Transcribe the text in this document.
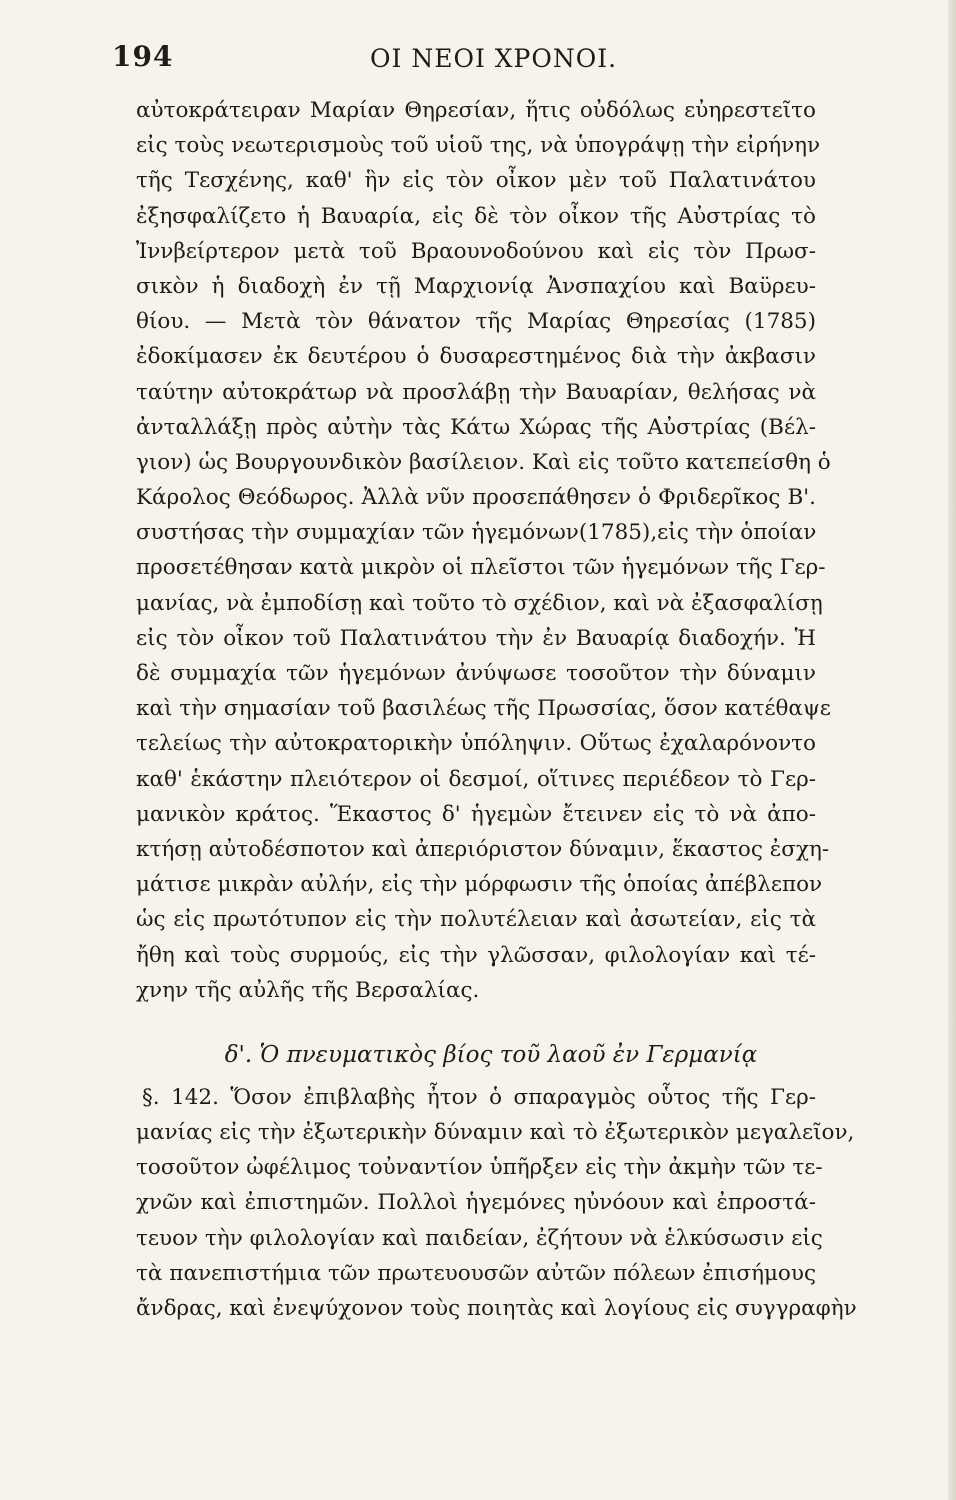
194	ΟΙ ΝΕΟΙ ΧΡΟΝΟΙ.
αὐτοκράτειραν Μαρίαν Θηρεσίαν, ἥτις οὐδόλως εὐηρεστεῖτο
εἰς τοὺς νεωτερισμοὺς τοῦ υἱοῦ της, νὰ ὑπογράψῃ τὴν εἰρήνην
τῆς Τεσχένης, καθ' ἣν εἰς τὸν οἶκον μὲν τοῦ Παλατινάτου
ἐξησφαλίζετο ἡ Βαυαρία, εἰς δὲ τὸν οἶκον τῆς Αὐστρίας τὸ
Ἰννβείρτερον μετὰ τοῦ Βραουνοδούνου καὶ εἰς τὸν Πρωσ-
σικὸν ἡ διαδοχὴ ἐν τῇ Μαρχιονίᾳ Ἀνσπαχίου καὶ Βαϋρευ-
θίου. — Μετὰ τὸν θάνατον τῆς Μαρίας Θηρεσίας (1785)
ἐδοκίμασεν ἐκ δευτέρου ὁ δυσαρεστημένος διὰ τὴν ἀκβασιν
ταύτην αὐτοκράτωρ νὰ προσλάβῃ τὴν Βαυαρίαν, θελήσας νὰ
ἀνταλλάξῃ πρὸς αὐτὴν τὰς Κάτω Χώρας τῆς Αὐστρίας (Βέλ-
γιον) ὡς Βουργουνδικὸν βασίλειον. Καὶ εἰς τοῦτο κατεπείσθη ὁ
Κάρολος Θεόδωρος. Ἀλλὰ νῦν προσεπάθησεν ὁ Φριδερῖκος Β'.
συστήσας τὴν συμμαχίαν τῶν ἡγεμόνων(1785),εἰς τὴν ὁποίαν
προσετέθησαν κατὰ μικρὸν οἱ πλεῖστοι τῶν ἡγεμόνων τῆς Γερ-
μανίας, νὰ ἐμποδίσῃ καὶ τοῦτο τὸ σχέδιον, καὶ νὰ ἐξασφαλίσῃ
εἰς τὸν οἶκον τοῦ Παλατινάτου τὴν ἐν Βαυαρίᾳ διαδοχήν. Ἡ
δὲ συμμαχία τῶν ἡγεμόνων ἀνύψωσε τοσοῦτον τὴν δύναμιν
καὶ τὴν σημασίαν τοῦ βασιλέως τῆς Πρωσσίας, ὅσον κατέθαψε
τελείως τὴν αὐτοκρατορικὴν ὑπόληψιν. Οὕτως ἐχαλαρόνοντο
καθ' ἑκάστην πλειότερον οἱ δεσμοί, οἵτινες περιέδεον τὸ Γερ-
μανικὸν κράτος. Ἕκαστος δ' ἡγεμὼν ἔτεινεν εἰς τὸ νὰ ἀπο-
κτήσῃ αὐτοδέσποτον καὶ ἀπεριόριστον δύναμιν, ἕκαστος ἐσχη-
μάτισε μικρὰν αὐλήν, εἰς τὴν μόρφωσιν τῆς ὁποίας ἀπέβλεπον
ὡς εἰς πρωτότυπον εἰς τὴν πολυτέλειαν καὶ ἀσωτείαν, εἰς τὰ
ἤθη καὶ τοὺς συρμούς, εἰς τὴν γλῶσσαν, φιλολογίαν καὶ τέ-
χνην τῆς αὐλῆς τῆς Βερσαλίας.
δ'. Ὁ πνευματικὸς βίος τοῦ λαοῦ ἐν Γερμανίᾳ
§. 142. Ὅσον ἐπιβλαβὴς ἦτον ὁ σπαραγμὸς οὗτος τῆς Γερ-
μανίας εἰς τὴν ἐξωτερικὴν δύναμιν καὶ τὸ ἐξωτερικὸν μεγαλεῖον,
τοσοῦτον ὠφέλιμος τοὐναντίον ὑπῆρξεν εἰς τὴν ἀκμὴν τῶν τε-
χνῶν καὶ ἐπιστημῶν. Πολλοὶ ἡγεμόνες ηὐνόουν καὶ ἐπροστά-
τευον τὴν φιλολογίαν καὶ παιδείαν, ἐζήτουν νὰ ἑλκύσωσιν εἰς
τὰ πανεπιστήμια τῶν πρωτευουσῶν αὐτῶν πόλεων ἐπισήμους
ἄνδρας, καὶ ἐνεψύχονον τοὺς ποιητὰς καὶ λογίους εἰς συγγραφὴν
